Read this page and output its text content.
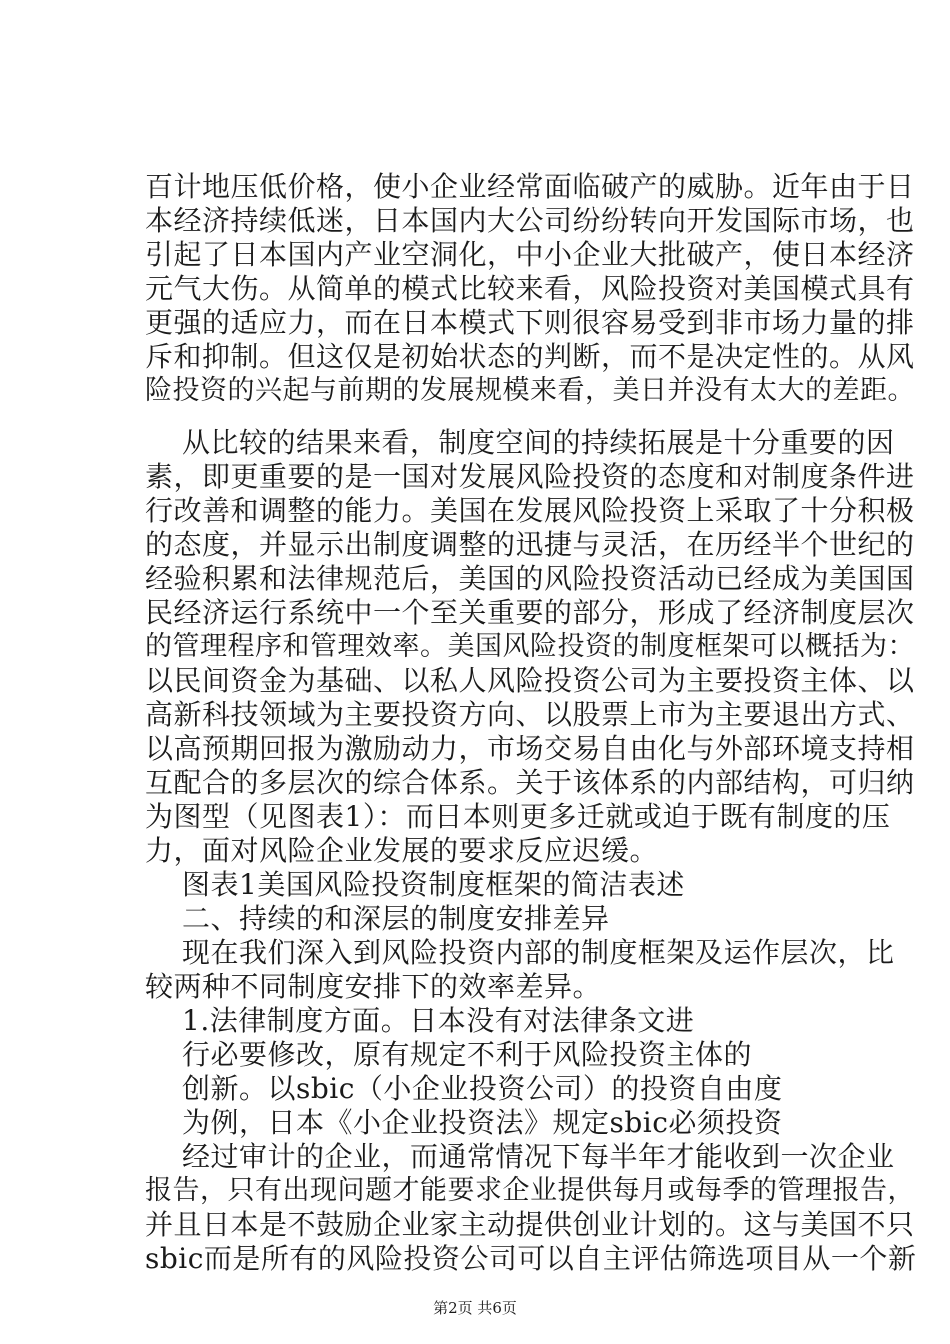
百计地压低价格，使小企业经常面临破产的威胁。近年由于日
本经济持续低迷，日本国内大公司纷纷转向开发国际市场，也
引起了日本国内产业空洞化，中小企业大批破产，使日本经济
元气大伤。从简单的模式比较来看，风险投资对美国模式具有
更强的适应力，而在日本模式下则很容易受到非市场力量的排
斥和抑制。但这仅是初始状态的判断，而不是决定性的。从风
险投资的兴起与前期的发展规模来看，美日并没有太大的差距。
从比较的结果来看，制度空间的持续拓展是十分重要的因
素，即更重要的是一国对发展风险投资的态度和对制度条件进
行改善和调整的能力。美国在发展风险投资上采取了十分积极
的态度，并显示出制度调整的迅捷与灵活，在历经半个世纪的
经验积累和法律规范后，美国的风险投资活动已经成为美国国
民经济运行系统中一个至关重要的部分，形成了经济制度层次
的管理程序和管理效率。美国风险投资的制度框架可以概括为：
以民间资金为基础、以私人风险投资公司为主要投资主体、以
高新科技领域为主要投资方向、以股票上市为主要退出方式、
以高预期回报为激励动力，市场交易自由化与外部环境支持相
互配合的多层次的综合体系。关于该体系的内部结构，可归纳
为图型（见图表1）：而日本则更多迁就或迫于既有制度的压
力，面对风险企业发展的要求反应迟缓。
图表1美国风险投资制度框架的简洁表述
二、持续的和深层的制度安排差异
现在我们深入到风险投资内部的制度框架及运作层次，比
较两种不同制度安排下的效率差异。
1.法律制度方面。日本没有对法律条文进
行必要修改，原有规定不利于风险投资主体的
创新。以sbic（小企业投资公司）的投资自由度
为例，日本《小企业投资法》规定sbic必须投资
经过审计的企业，而通常情况下每半年才能收到一次企业
报告，只有出现问题才能要求企业提供每月或每季的管理报告，
并且日本是不鼓励企业家主动提供创业计划的。这与美国不只
sbic而是所有的风险投资公司可以自主评估筛选项目从一个新
第2页 共6页
